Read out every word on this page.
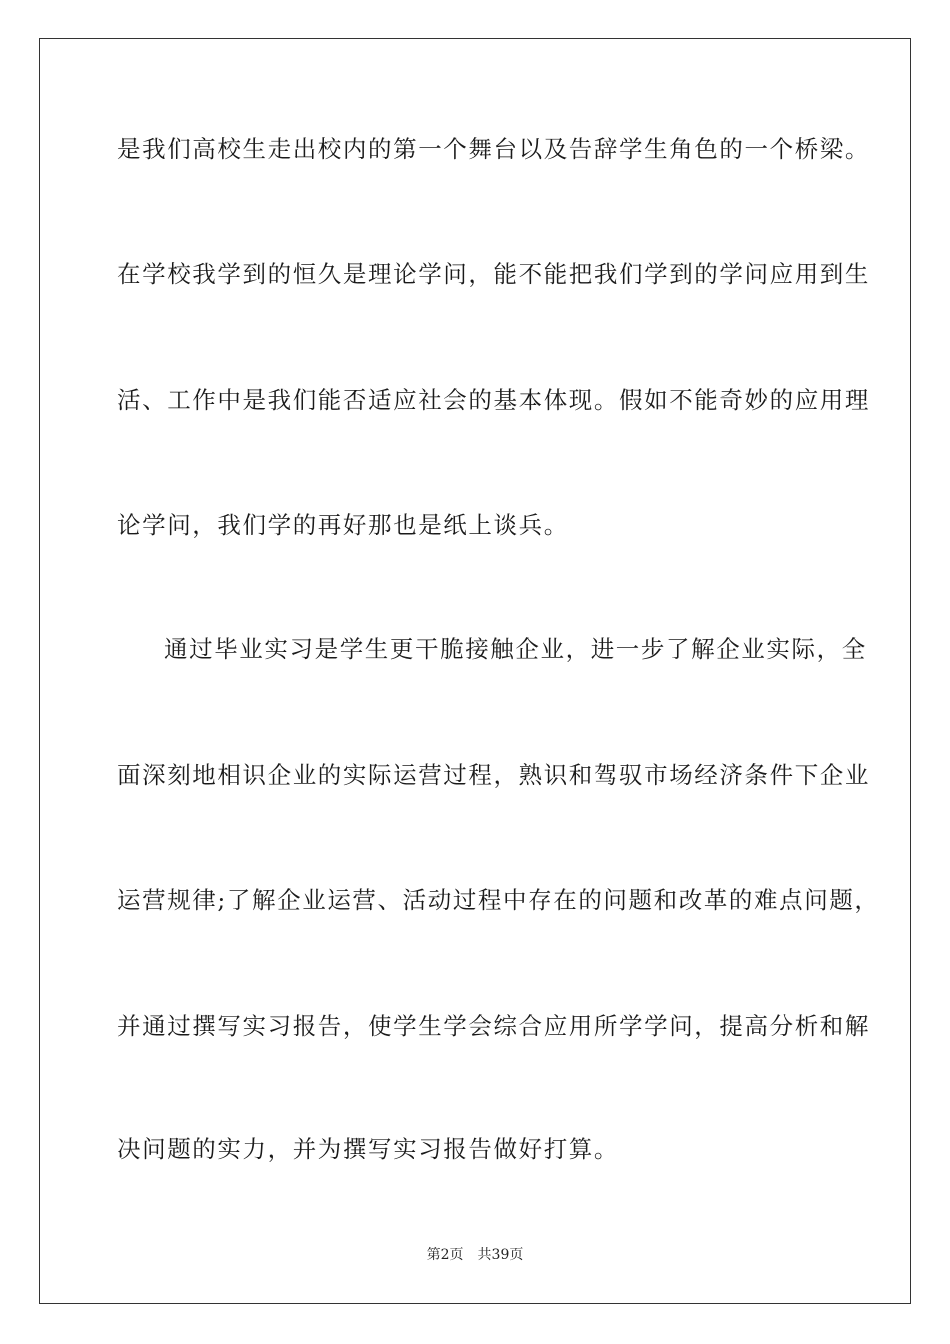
是我们高校生走出校内的第一个舞台以及告辞学生角色的一个桥梁。
在学校我学到的恒久是理论学问，能不能把我们学到的学问应用到生
活、工作中是我们能否适应社会的基本体现。假如不能奇妙的应用理
论学问，我们学的再好那也是纸上谈兵。
通过毕业实习是学生更干脆接触企业，进一步了解企业实际，全
面深刻地相识企业的实际运营过程，熟识和驾驭市场经济条件下企业
运营规律;了解企业运营、活动过程中存在的问题和改革的难点问题，
并通过撰写实习报告，使学生学会综合应用所学学问，提高分析和解
决问题的实力，并为撰写实习报告做好打算。
第2页 共39页
